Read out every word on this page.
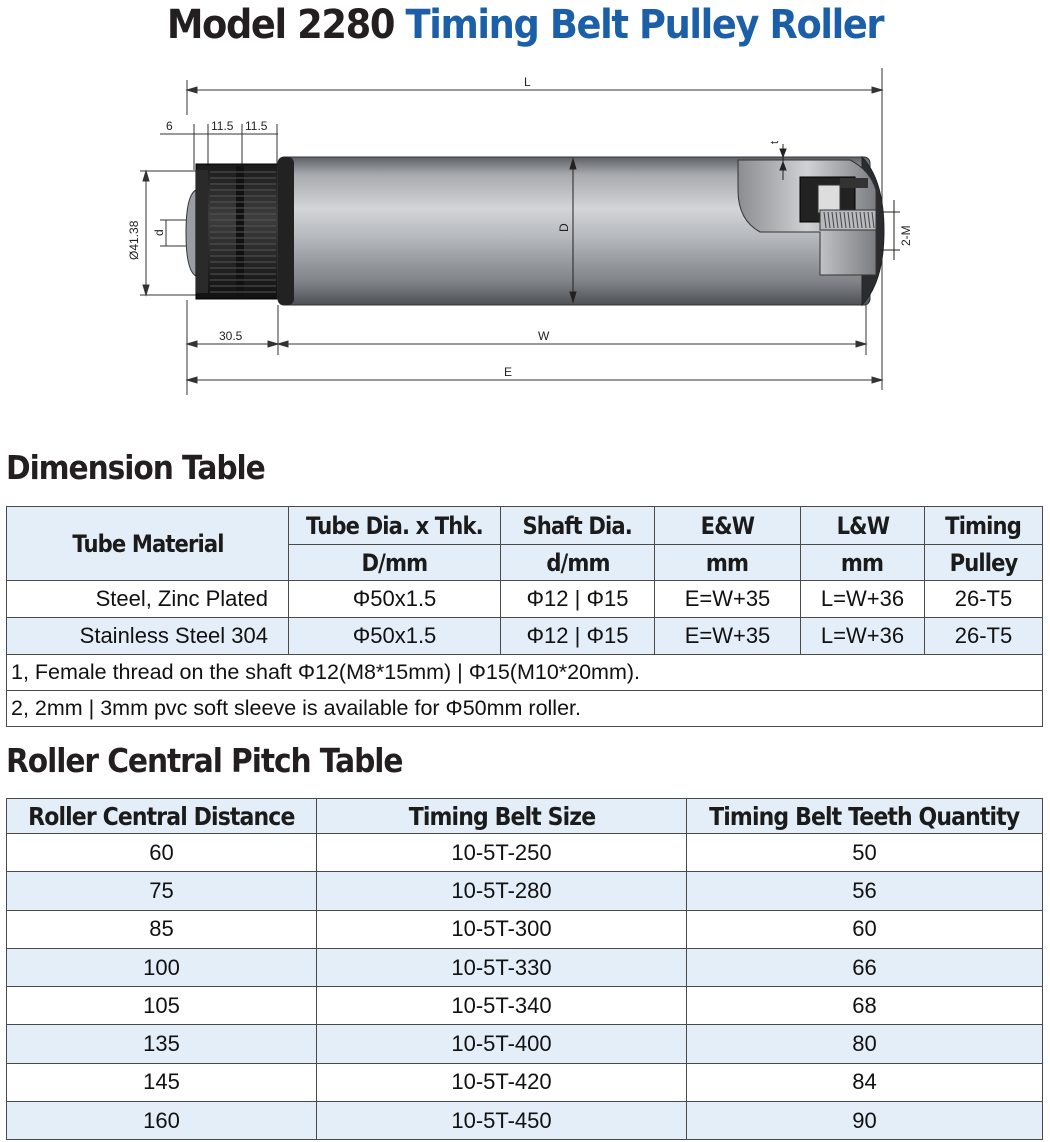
Model 2280 Timing Belt Pulley Roller
L
6	11.5 11.5
Ø41.38 d
D
t
2-M
30.5	W
E
Dimension Table
Tube Material	Tube Dia. x Thk.	Shaft Dia.	E&W	L&W	Timing
	D/mm	d/mm	mm	mm	Pulley
Steel, Zinc Plated	Φ50x1.5	Φ12 | Φ15	E=W+35	L=W+36	26-T5
Stainless Steel 304	Φ50x1.5	Φ12 | Φ15	E=W+35	L=W+36	26-T5
1, Female thread on the shaft Φ12(M8*15mm) | Φ15(M10*20mm).					
2, 2mm | 3mm pvc soft sleeve is available for Φ50mm roller.					
Roller Central Pitch Table
Roller Central Distance	Timing Belt Size	Timing Belt Teeth Quantity
60	10-5T-250	50
75	10-5T-280	56
85	10-5T-300	60
100	10-5T-330	66
105	10-5T-340	68
135	10-5T-400	80
145	10-5T-420	84
160	10-5T-450	90
